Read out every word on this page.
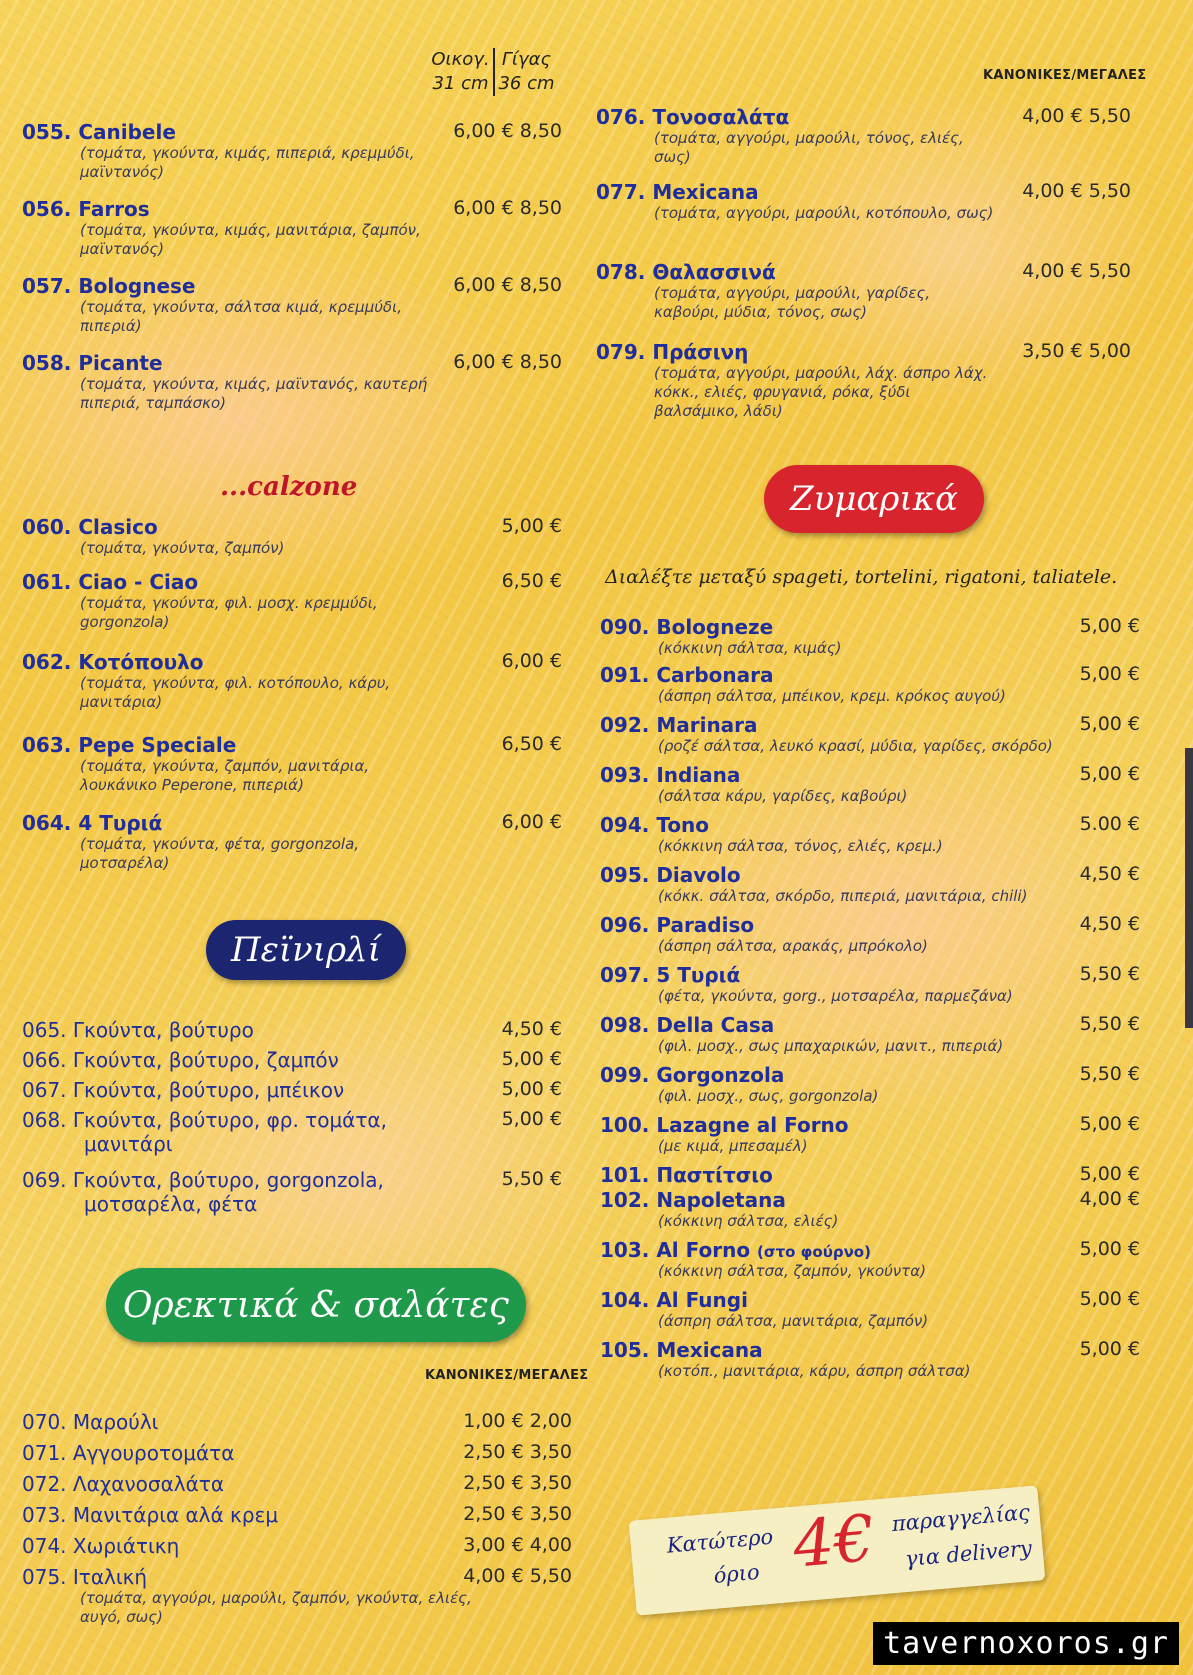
Οικογ. Γίγας
31 cm 36 cm
055. Canibele
(τομάτα, γκούντα, κιμάς, πιπεριά, κρεμμύδι, μαϊντανός)
6,00 € 8,50
056. Farros
(τομάτα, γκούντα, κιμάς, μανιτάρια, ζαμπόν, μαϊντανός)
6,00 € 8,50
057. Bolognese
(τομάτα, γκούντα, σάλτσα κιμά, κρεμμύδι, πιπεριά)
6,00 € 8,50
058. Picante
(τομάτα, γκούντα, κιμάς, μαϊντανός, καυτερή πιπεριά, ταμπάσκο)
6,00 € 8,50
...calzone
060. Clasico
(τομάτα, γκούντα, ζαμπόν)
5,00 €
061. Ciao - Ciao
(τομάτα, γκούντα, φιλ. μοσχ. κρεμμύδι, gorgonzola)
6,50 €
062. Κοτόπουλο
(τομάτα, γκούντα, φιλ. κοτόπουλο, κάρυ, μανιτάρια)
6,00 €
063. Pepe Speciale
(τομάτα, γκούντα, ζαμπόν, μανιτάρια, λουκάνικο Peperone, πιπεριά)
6,50 €
064. 4 Τυριά
(τομάτα, γκούντα, φέτα, gorgonzola, μοτσαρέλα)
6,00 €
Πεϊνιρλί
065. Γκούντα, βούτυρο	4,50 €
066. Γκούντα, βούτυρο, ζαμπόν	5,00 €
067. Γκούντα, βούτυρο, μπέικον	5,00 €
068. Γκούντα, βούτυρο, φρ. τομάτα,
μανιτάρι
5,00 €
069. Γκούντα, βούτυρο, gorgonzola,
μοτσαρέλα, φέτα
5,50 €
Ορεκτικά & σαλάτες
ΚΑΝΟΝΙΚΕΣ/ΜΕΓΑΛΕΣ
070. Μαρούλι	1,00 € 2,00
071. Αγγουροτομάτα	2,50 € 3,50
072. Λαχανοσαλάτα	2,50 € 3,50
073. Μανιτάρια αλά κρεμ	2,50 € 3,50
074. Χωριάτικη	3,00 € 4,00
075. Ιταλική
(τομάτα, αγγούρι, μαρούλι, ζαμπόν, γκούντα, ελιές, αυγό, σως)
4,00 € 5,50
ΚΑΝΟΝΙΚΕΣ/ΜΕΓΑΛΕΣ
076. Τονοσαλάτα
(τομάτα, αγγούρι, μαρούλι, τόνος, ελιές, σως)
4,00 € 5,50
077. Mexicana
(τομάτα, αγγούρι, μαρούλι, κοτόπουλο, σως)
4,00 € 5,50
078. Θαλασσινά
(τομάτα, αγγούρι, μαρούλι, γαρίδες, καβούρι, μύδια, τόνος, σως)
4,00 € 5,50
079. Πράσινη
(τομάτα, αγγούρι, μαρούλι, λάχ. άσπρο λάχ. κόκκ., ελιές, φρυγανιά, ρόκα, ξύδι βαλσάμικο, λάδι)
3,50 € 5,00
Ζυμαρικά
Διαλέξτε μεταξύ spageti, tortelini, rigatoni, taliatele.
090. Bologneze
(κόκκινη σάλτσα, κιμάς)
5,00 €
091. Carbonara
(άσπρη σάλτσα, μπέικον, κρεμ. κρόκος αυγού)
5,00 €
092. Marinara
(ροζέ σάλτσα, λευκό κρασί, μύδια, γαρίδες, σκόρδο)
5,00 €
093. Indiana
(σάλτσα κάρυ, γαρίδες, καβούρι)
5,00 €
094. Tono
(κόκκινη σάλτσα, τόνος, ελιές, κρεμ.)
5.00 €
095. Diavolo
(κόκκ. σάλτσα, σκόρδο, πιπεριά, μανιτάρια, chili)
4,50 €
096. Paradiso
(άσπρη σάλτσα, αρακάς, μπρόκολο)
4,50 €
097. 5 Τυριά
(φέτα, γκούντα, gorg., μοτσαρέλα, παρμεζάνα)
5,50 €
098. Della Casa
(φιλ. μοσχ., σως μπαχαρικών, μανιτ., πιπεριά)
5,50 €
099. Gorgonzola
(φιλ. μοσχ., σως, gorgonzola)
5,50 €
100. Lazagne al Forno
(με κιμά, μπεσαμέλ)
5,00 €
101. Παστίτσιο	5,00 €
102. Napoletana
(κόκκινη σάλτσα, ελιές)
4,00 €
103. Al Forno (στο φούρνο)
(κόκκινη σάλτσα, ζαμπόν, γκούντα)
5,00 €
104. Al Fungi
(άσπρη σάλτσα, μανιτάρια, ζαμπόν)
5,00 €
105. Mexicana
(κοτόπ., μανιτάρια, κάρυ, άσπρη σάλτσα)
5,00 €
Κατώτερο
όριο 4€ παραγγελίας
για delivery
tavernoxoros.gr
